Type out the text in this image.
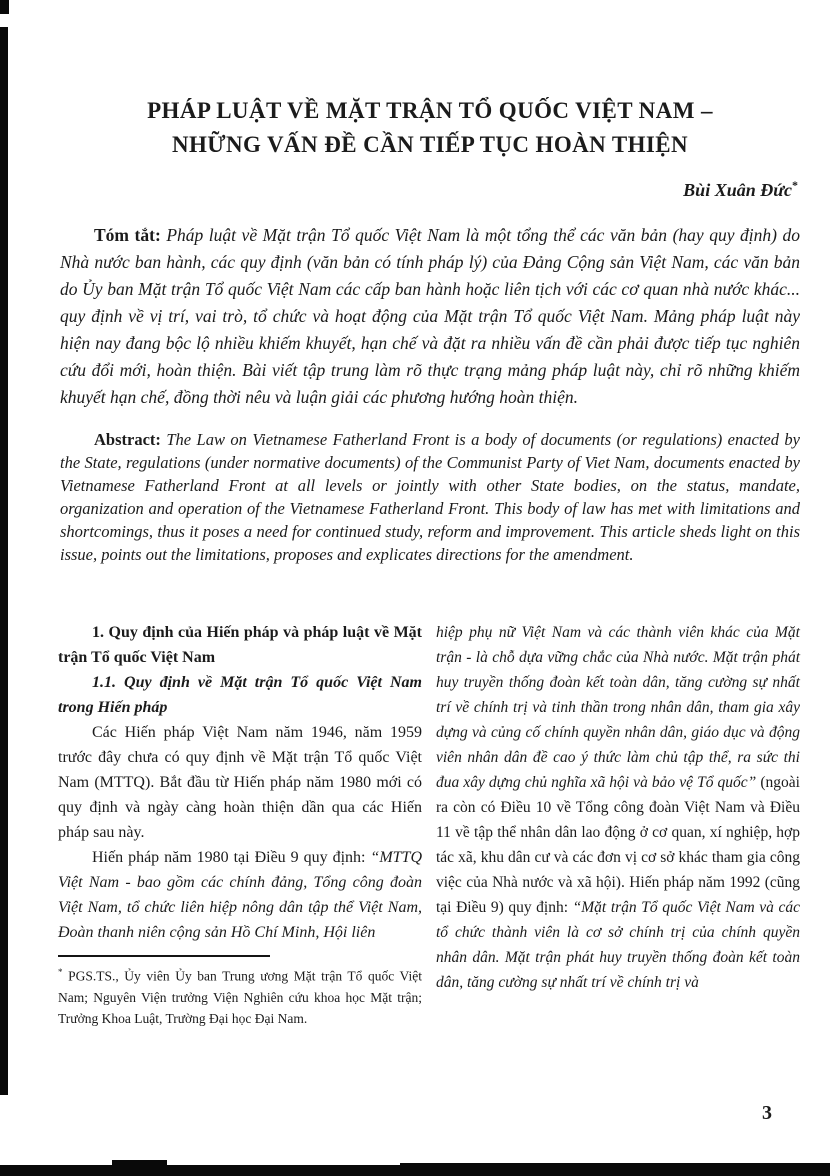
PHÁP LUẬT VỀ MẶT TRẬN TỔ QUỐC VIỆT NAM –
NHỮNG VẤN ĐỀ CẦN TIẾP TỤC HOÀN THIỆN
Bùi Xuân Đức*

Tóm tắt: Pháp luật về Mặt trận Tổ quốc Việt Nam là một tổng thể các văn bản (hay quy định) do Nhà nước ban hành, các quy định (văn bản có tính pháp lý) của Đảng Cộng sản Việt Nam, các văn bản do Ủy ban Mặt trận Tổ quốc Việt Nam các cấp ban hành hoặc liên tịch với các cơ quan nhà nước khác... quy định về vị trí, vai trò, tổ chức và hoạt động của Mặt trận Tổ quốc Việt Nam. Mảng pháp luật này hiện nay đang bộc lộ nhiều khiếm khuyết, hạn chế và đặt ra nhiều vấn đề cần phải được tiếp tục nghiên cứu đổi mới, hoàn thiện. Bài viết tập trung làm rõ thực trạng mảng pháp luật này, chỉ rõ những khiếm khuyết hạn chế, đồng thời nêu và luận giải các phương hướng hoàn thiện.

Abstract: The Law on Vietnamese Fatherland Front is a body of documents (or regulations) enacted by the State, regulations (under normative documents) of the Communist Party of Viet Nam, documents enacted by Vietnamese Fatherland Front at all levels or jointly with other State bodies, on the status, mandate, organization and operation of the Vietnamese Fatherland Front. This body of law has met with limitations and shortcomings, thus it poses a need for continued study, reform and improvement. This article sheds light on this issue, points out the limitations, proposes and explicates directions for the amendment.

1. Quy định của Hiến pháp và pháp luật về Mặt trận Tổ quốc Việt Nam

1.1. Quy định về Mặt trận Tổ quốc Việt Nam trong Hiến pháp

Các Hiến pháp Việt Nam năm 1946, năm 1959 trước đây chưa có quy định về Mặt trận Tổ quốc Việt Nam (MTTQ). Bắt đầu từ Hiến pháp năm 1980 mới có quy định và ngày càng hoàn thiện dần qua các Hiến pháp sau này.

Hiến pháp năm 1980 tại Điều 9 quy định: “MTTQ Việt Nam - bao gồm các chính đảng, Tổng công đoàn Việt Nam, tổ chức liên hiệp nông dân tập thể Việt Nam, Đoàn thanh niên cộng sản Hồ Chí Minh, Hội liên

* PGS.TS., Ủy viên Ủy ban Trung ương Mặt trận Tổ quốc Việt Nam; Nguyên Viện trưởng Viện Nghiên cứu khoa học Mặt trận; Trưởng Khoa Luật, Trường Đại học Đại Nam.

hiệp phụ nữ Việt Nam và các thành viên khác của Mặt trận - là chỗ dựa vững chắc của Nhà nước. Mặt trận phát huy truyền thống đoàn kết toàn dân, tăng cường sự nhất trí về chính trị và tinh thần trong nhân dân, tham gia xây dựng và củng cố chính quyền nhân dân, giáo dục và động viên nhân dân đề cao ý thức làm chủ tập thể, ra sức thi đua xây dựng chủ nghĩa xã hội và bảo vệ Tổ quốc” (ngoài ra còn có Điều 10 về Tổng công đoàn Việt Nam và Điều 11 về tập thể nhân dân lao động ở cơ quan, xí nghiệp, hợp tác xã, khu dân cư và các đơn vị cơ sở khác tham gia công việc của Nhà nước và xã hội). Hiến pháp năm 1992 (cũng tại Điều 9) quy định: “Mặt trận Tổ quốc Việt Nam và các tổ chức thành viên là cơ sở chính trị của chính quyền nhân dân. Mặt trận phát huy truyền thống đoàn kết toàn dân, tăng cường sự nhất trí về chính trị và

3
